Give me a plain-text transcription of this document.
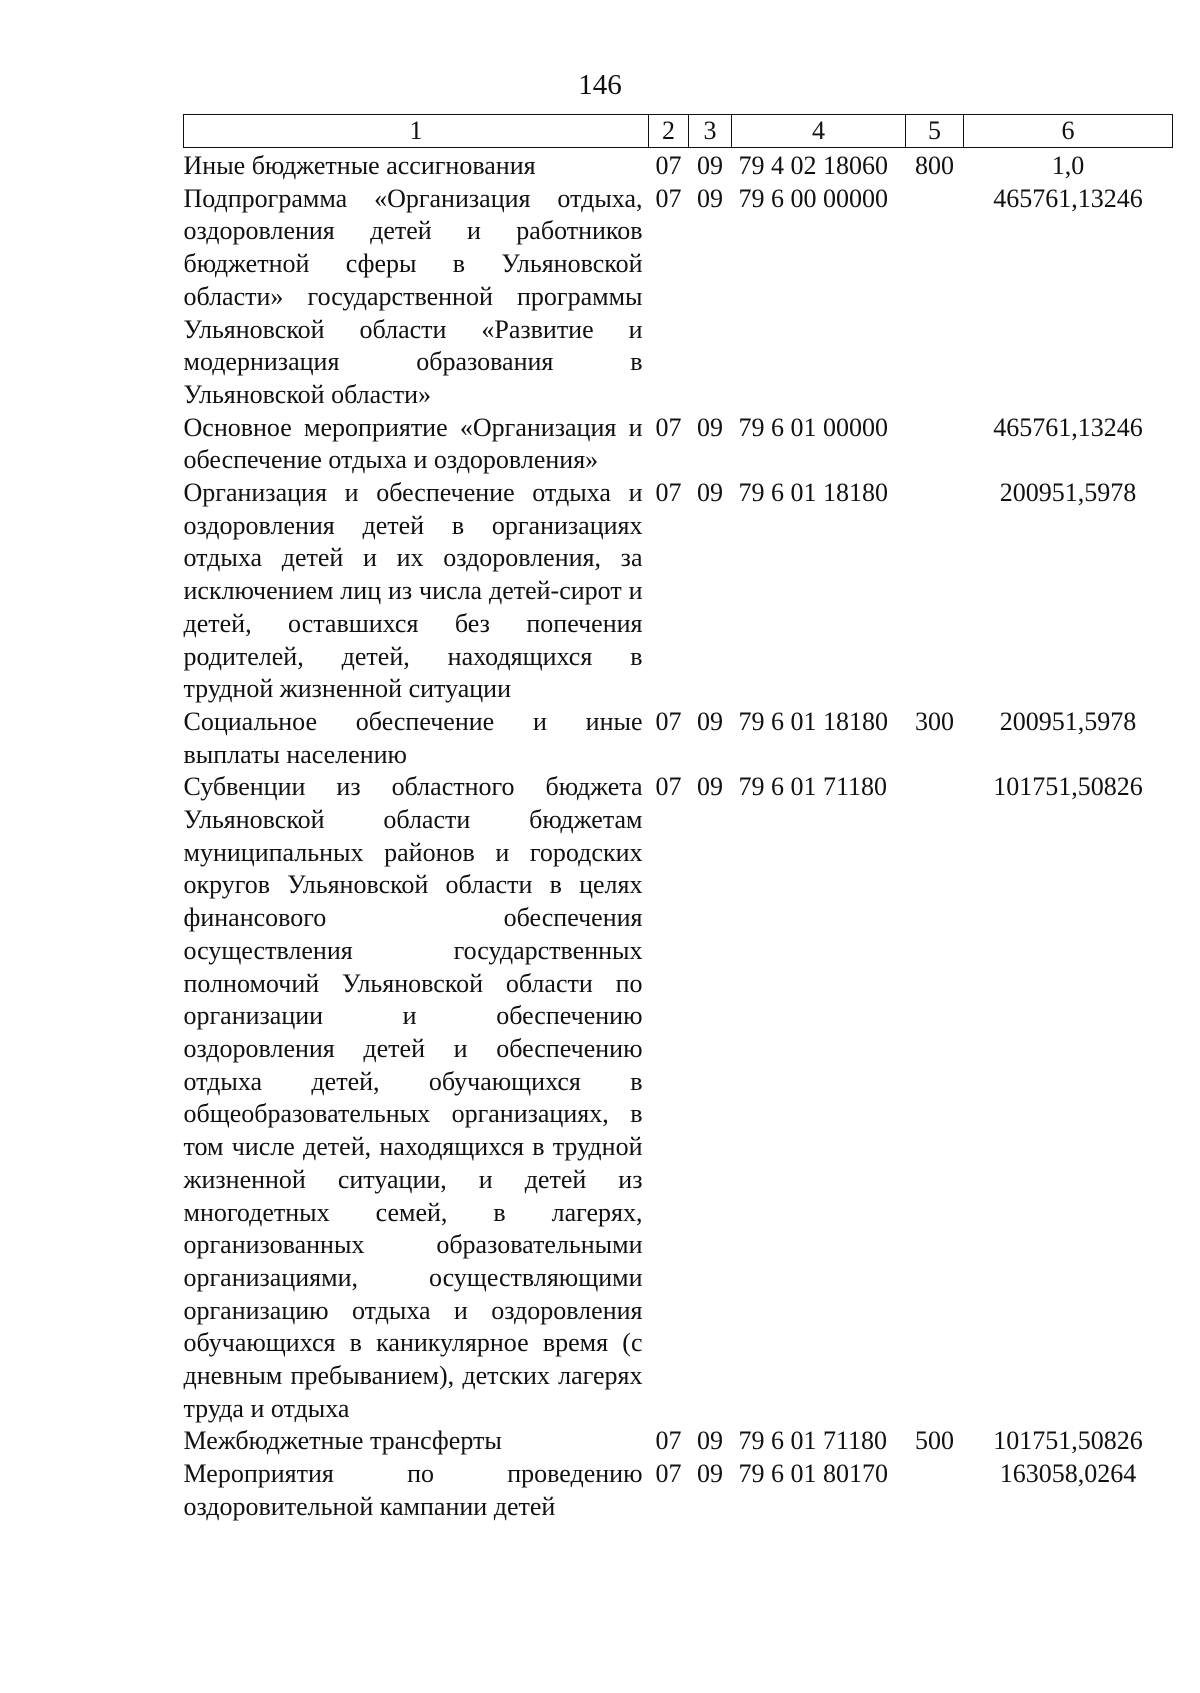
146
1	2	3	4	5	6
Иные бюджетные ассигнования	07	09	79 4 02 18060	800	1,0
Подпрограмма «Организация отдыха, оздоровления детей и работников бюджетной сферы в Ульяновской области» государственной программы Ульяновской области «Развитие и модернизация образования в Ульяновской области»	07	09	79 6 00 00000		465761,13246
Основное мероприятие «Организация и обеспечение отдыха и оздоровления»	07	09	79 6 01 00000		465761,13246
Организация и обеспечение отдыха и оздоровления детей в организациях отдыха детей и их оздоровления, за исключением лиц из числа детей-сирот и детей, оставшихся без попечения родителей, детей, находящихся в трудной жизненной ситуации	07	09	79 6 01 18180		200951,5978
Социальное обеспечение и иные выплаты населению	07	09	79 6 01 18180	300	200951,5978
Субвенции из областного бюджета Ульяновской области бюджетам муниципальных районов и городских округов Ульяновской области в целях финансового обеспечения осуществления государственных полномочий Ульяновской области по организации и обеспечению оздоровления детей и обеспечению отдыха детей, обучающихся в общеобразовательных организациях, в том числе детей, находящихся в трудной жизненной ситуации, и детей из многодетных семей, в лагерях, организованных образовательными организациями, осуществляющими организацию отдыха и оздоровления обучающихся в каникулярное время (с дневным пребыванием), детских лагерях труда и отдыха	07	09	79 6 01 71180		101751,50826
Межбюджетные трансферты	07	09	79 6 01 71180	500	101751,50826
Мероприятия по проведению оздоровительной кампании детей	07	09	79 6 01 80170		163058,0264
